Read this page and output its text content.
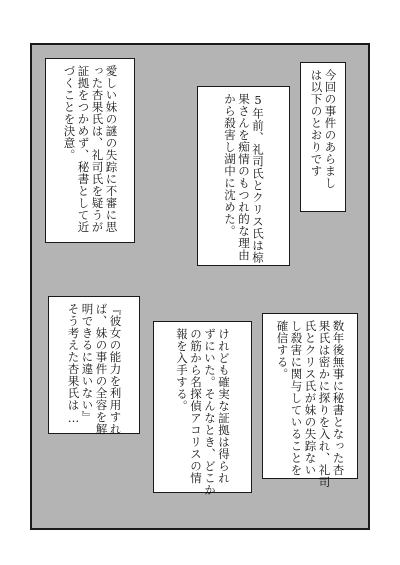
今回の事件のあらまし
は以下のとおりです
5年前、礼司氏とクリス氏は椋
果さんを痴情のもつれ的な理由
から殺害し湖中に沈めた。
愛しい妹の謎の失踪に不審に思
った杏果氏は、礼司氏を疑うが
証拠をつかめず、秘書として近
づくことを決意。
数年後無事に秘書となった杏
果氏は密かに探りを入れ、礼司
氏とクリス氏が妹の失踪ない
し殺害に関与していることを
確信する。
けれども確実な証拠は得られ
ずにいた。そんなとき、どこか
の筋から名探偵アコリスの情
報を入手する。
『彼女の能力を利用すれ
ば、妹の事件の全容を解
明できるに違いない』
そう考えた杏果氏は…
